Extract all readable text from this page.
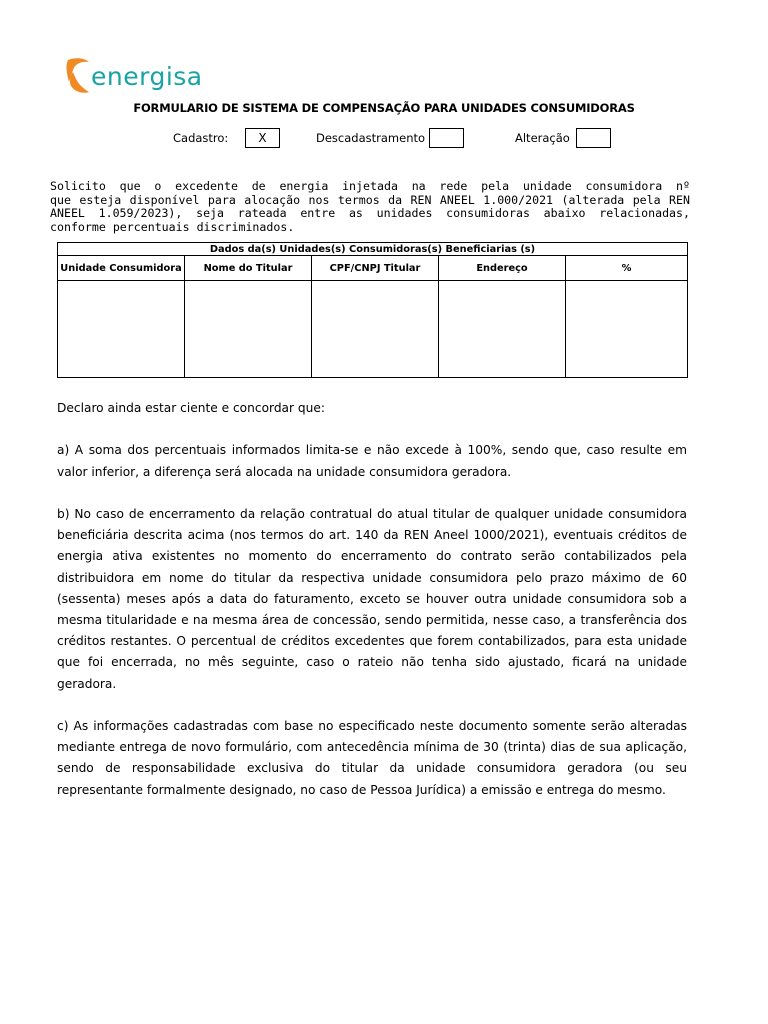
energisa
FORMULARIO DE SISTEMA DE COMPENSAÇÃO PARA UNIDADES CONSUMIDORAS
Cadastro:	X	Descadastramento	Alteração

Solicito que o excedente de energia injetada na rede pela unidade consumidora nº

que esteja disponível para alocação nos termos da REN ANEEL 1.000/2021 (alterada pela REN ANEEL 1.059/2023), seja rateada entre as unidades consumidoras abaixo relacionadas, conforme percentuais discriminados.

Dados da(s) Unidades(s) Consumidoras(s) Beneficiarias (s)				
Unidade Consumidora	Nome do Titular	CPF/CNPJ Titular	Endereço	%

Declaro ainda estar ciente e concordar que:

a) A soma dos percentuais informados limita-se e não excede à 100%, sendo que, caso resulte em valor inferior, a diferença será alocada na unidade consumidora geradora.

b) No caso de encerramento da relação contratual do atual titular de qualquer unidade consumidora beneficiária descrita acima (nos termos do art. 140 da REN Aneel 1000/2021), eventuais créditos de energia ativa existentes no momento do encerramento do contrato serão contabilizados pela distribuidora em nome do titular da respectiva unidade consumidora pelo prazo máximo de 60 (sessenta) meses após a data do faturamento, exceto se houver outra unidade consumidora sob a mesma titularidade e na mesma área de concessão, sendo permitida, nesse caso, a transferência dos créditos restantes. O percentual de créditos excedentes que forem contabilizados, para esta unidade que foi encerrada, no mês seguinte, caso o rateio não tenha sido ajustado, ficará na unidade geradora.

c) As informações cadastradas com base no especificado neste documento somente serão alteradas mediante entrega de novo formulário, com antecedência mínima de 30 (trinta) dias de sua aplicação, sendo de responsabilidade exclusiva do titular da unidade consumidora geradora (ou seu representante formalmente designado, no caso de Pessoa Jurídica) a emissão e entrega do mesmo.
